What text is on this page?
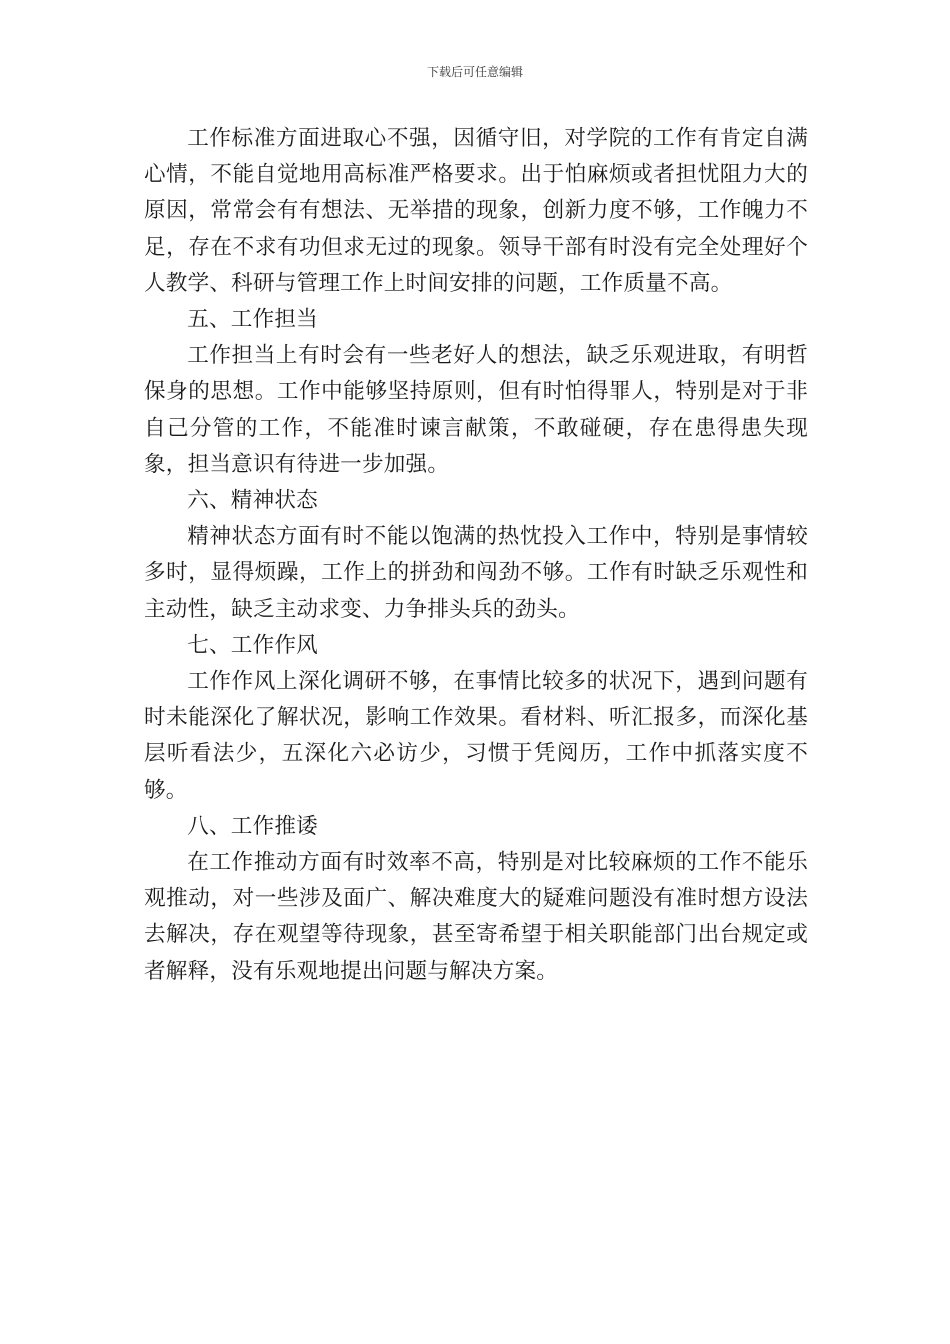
下载后可任意编辑

工作标准方面进取心不强，因循守旧，对学院的工作有肯定自满心情，不能自觉地用高标准严格要求。出于怕麻烦或者担忧阻力大的原因，常常会有有想法、无举措的现象，创新力度不够，工作魄力不足，存在不求有功但求无过的现象。领导干部有时没有完全处理好个人教学、科研与管理工作上时间安排的问题，工作质量不高。

五、工作担当

工作担当上有时会有一些老好人的想法，缺乏乐观进取，有明哲保身的思想。工作中能够坚持原则，但有时怕得罪人，特别是对于非自己分管的工作，不能准时谏言献策，不敢碰硬，存在患得患失现象，担当意识有待进一步加强。

六、精神状态

精神状态方面有时不能以饱满的热忱投入工作中，特别是事情较多时，显得烦躁，工作上的拼劲和闯劲不够。工作有时缺乏乐观性和主动性，缺乏主动求变、力争排头兵的劲头。

七、工作作风

工作作风上深化调研不够，在事情比较多的状况下，遇到问题有时未能深化了解状况，影响工作效果。看材料、听汇报多，而深化基层听看法少，五深化六必访少，习惯于凭阅历，工作中抓落实度不够。

八、工作推诿

在工作推动方面有时效率不高，特别是对比较麻烦的工作不能乐观推动，对一些涉及面广、解决难度大的疑难问题没有准时想方设法去解决，存在观望等待现象，甚至寄希望于相关职能部门出台规定或者解释，没有乐观地提出问题与解决方案。
